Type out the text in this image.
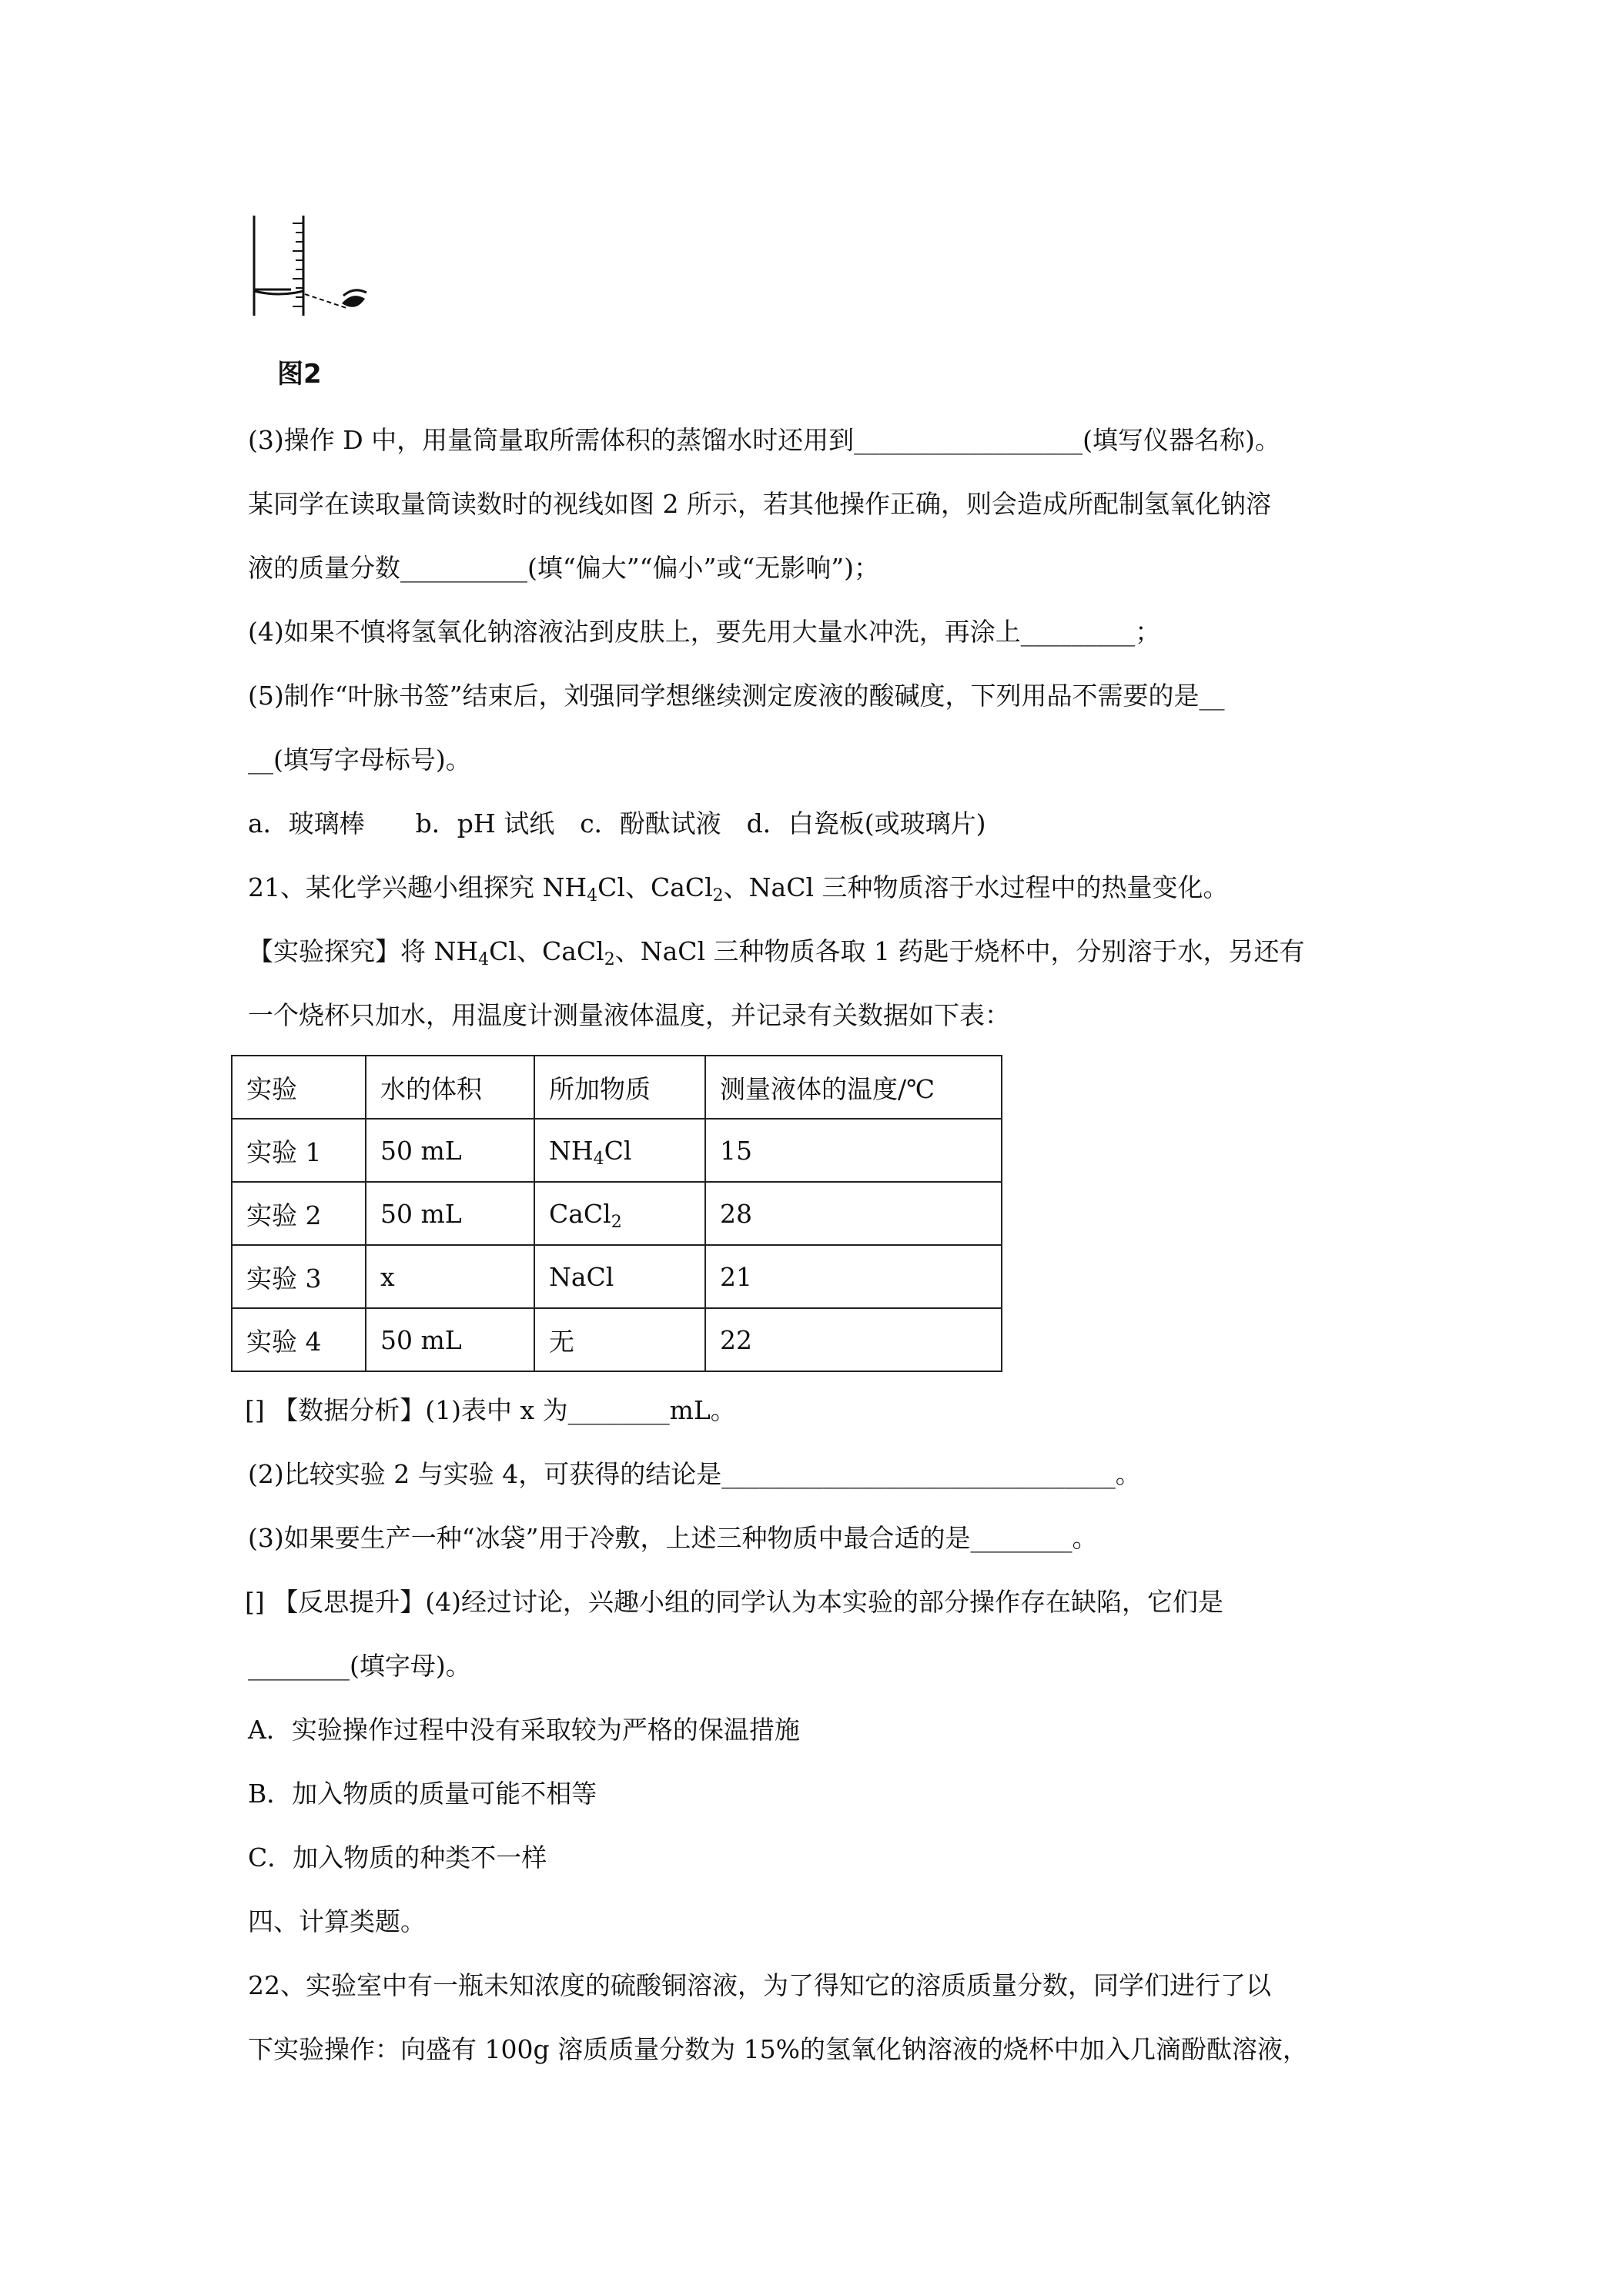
图2
(3)操作 D 中，用量筒量取所需体积的蒸馏水时还用到__________________(填写仪器名称)。
某同学在读取量筒读数时的视线如图 2 所示，若其他操作正确，则会造成所配制氢氧化钠溶
液的质量分数__________(填“偏大”“偏小”或“无影响”)；
(4)如果不慎将氢氧化钠溶液沾到皮肤上，要先用大量水冲洗，再涂上_________；
(5)制作“叶脉书签”结束后，刘强同学想继续测定废液的酸碱度，下列用品不需要的是__
__(填写字母标号)。
a．玻璃棒　　b．pH 试纸　c．酚酞试液　d．白瓷板(或玻璃片)
21、某化学兴趣小组探究 $NH_4Cl$、CaCl$_2$、NaCl 三种物质溶于水过程中的热量变化。
【实验探究】将 $NH_4Cl$、CaCl$_2$、NaCl 三种物质各取 1 药匙于烧杯中，分别溶于水，另还有
一个烧杯只加水，用温度计测量液体温度，并记录有关数据如下表：
实验	水的体积	所加物质	测量液体的温度/℃
实验 1	50 mL	$NH_4Cl$	15
实验 2	50 mL	CaCl$_2$	28
实验 3	x	NaCl	21
实验 4	50 mL	无	22
[] 【数据分析】(1)表中 x 为________mL。
(2)比较实验 2 与实验 4，可获得的结论是_______________________________。
(3)如果要生产一种“冰袋”用于冷敷，上述三种物质中最合适的是________。
[] 【反思提升】(4)经过讨论，兴趣小组的同学认为本实验的部分操作存在缺陷，它们是
________(填字母)。
A．实验操作过程中没有采取较为严格的保温措施
B．加入物质的质量可能不相等
C．加入物质的种类不一样
四、计算类题。
22、实验室中有一瓶未知浓度的硫酸铜溶液，为了得知它的溶质质量分数，同学们进行了以
下实验操作：向盛有 100g 溶质质量分数为 15%的氢氧化钠溶液的烧杯中加入几滴酚酞溶液，
